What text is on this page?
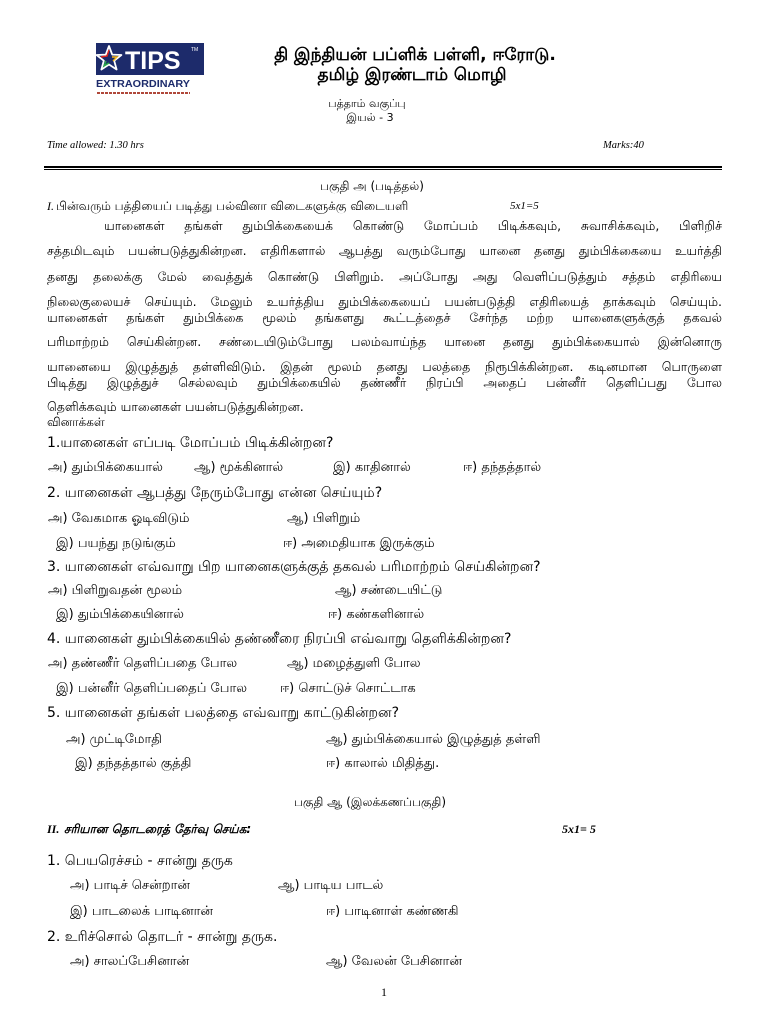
TIPS TM
EXTRAORDINARY
தி இந்தியன் பப்ளிக் பள்ளி, ஈரோடு.
தமிழ் இரண்டாம் மொழி
பத்தாம் வகுப்பு
இயல் - 3
Time allowed: 1.30 hrs	Marks:40
பகுதி அ (படித்தல்)
I. பின்வரும் பத்தியைப் படித்து பல்வினா விடைகளுக்கு விடையளி	5x1=5
யானைகள் தங்கள் தும்பிக்கையைக் கொண்டு மோப்பம் பிடிக்கவும், சுவாசிக்கவும், பிளிறிச்
சத்தமிடவும் பயன்படுத்துகின்றன. எதிரிகளால் ஆபத்து வரும்போது யானை தனது தும்பிக்கையை உயர்த்தி
தனது தலைக்கு மேல் வைத்துக் கொண்டு பிளிறும். அப்போது அது வெளிப்படுத்தும் சத்தம் எதிரியை
நிலைகுலையச் செய்யும். மேலும் உயர்த்திய தும்பிக்கையைப் பயன்படுத்தி எதிரியைத் தாக்கவும் செய்யும்.
யானைகள் தங்கள் தும்பிக்கை மூலம் தங்களது கூட்டத்தைச் சேர்ந்த மற்ற யானைகளுக்குத் தகவல்
பரிமாற்றம் செய்கின்றன. சண்டையிடும்போது பலம்வாய்ந்த யானை தனது தும்பிக்கையால் இன்னொரு
யானையை இழுத்துத் தள்ளிவிடும். இதன் மூலம் தனது பலத்தை நிரூபிக்கின்றன. கடினமான பொருளை
பிடித்து இழுத்துச் செல்லவும் தும்பிக்கையில் தண்ணீர் நிரப்பி அதைப் பன்னீர் தெளிப்பது போல
தெளிக்கவும் யானைகள் பயன்படுத்துகின்றன.
வினாக்கள்
1.யானைகள் எப்படி மோப்பம் பிடிக்கின்றன?
அ) தும்பிக்கையால் ஆ) மூக்கினால்	இ) காதினால்	ஈ) தந்தத்தால்
2. யானைகள் ஆபத்து நேரும்போது என்ன செய்யும்?
அ) வேகமாக ஓடிவிடும்	ஆ) பிளிறும்
இ) பயந்து நடுங்கும்	ஈ) அமைதியாக இருக்கும்
3. யானைகள் எவ்வாறு பிற யானைகளுக்குத் தகவல் பரிமாற்றம் செய்கின்றன?
அ) பிளிறுவதன் மூலம்	ஆ) சண்டையிட்டு
இ) தும்பிக்கையினால்	ஈ) கண்களினால்
4. யானைகள் தும்பிக்கையில் தண்ணீரை நிரப்பி எவ்வாறு தெளிக்கின்றன?
அ) தண்ணீர் தெளிப்பதை போல	ஆ) மழைத்துளி போல
இ) பன்னீர் தெளிப்பதைப் போல	ஈ) சொட்டுச் சொட்டாக
5. யானைகள் தங்கள் பலத்தை எவ்வாறு காட்டுகின்றன?
அ) முட்டிமோதி	ஆ) தும்பிக்கையால் இழுத்துத் தள்ளி
இ) தந்தத்தால் குத்தி	ஈ) காலால் மிதித்து.
பகுதி ஆ (இலக்கணப்பகுதி)
II. சரியான தொடரைத் தேர்வு செய்க:	5x1= 5
1. பெயரெச்சம் - சான்று தருக
அ) பாடிச் சென்றான்	ஆ) பாடிய பாடல்
இ) பாடலைக் பாடினான்	ஈ) பாடினாள் கண்ணகி
2. உரிச்சொல் தொடர் - சான்று தருக.
அ) சாலப்பேசினான்	ஆ) வேலன் பேசினான்
1
